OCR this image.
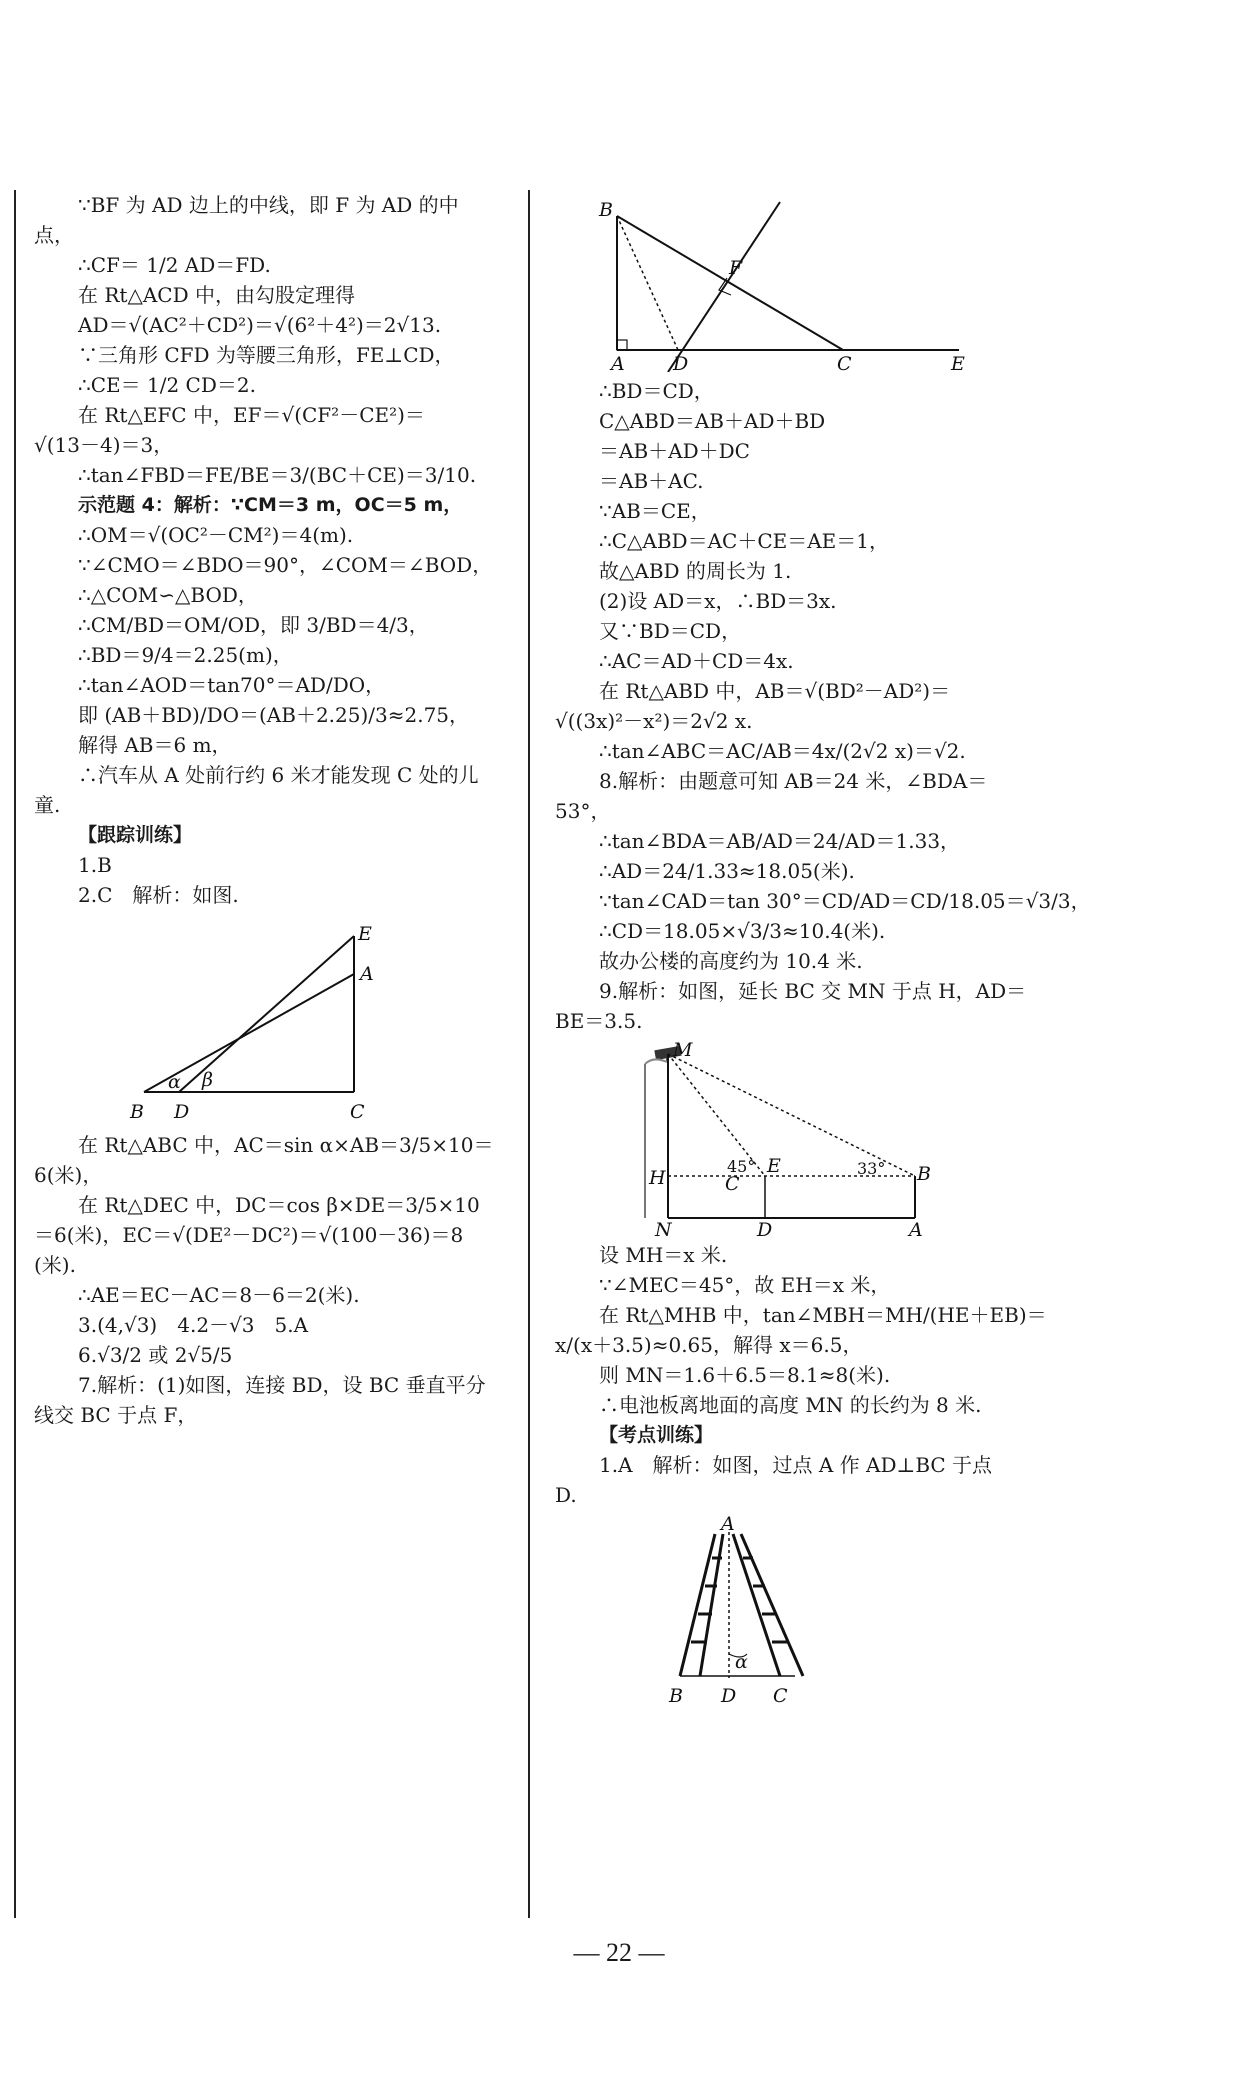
∵BF 为 AD 边上的中线，即 F 为 AD 的中

点，

∴CF＝ 1/2 AD＝FD.

在 Rt△ACD 中，由勾股定理得

AD＝√(AC²＋CD²)＝√(6²＋4²)＝2√13.

∵三角形 CFD 为等腰三角形，FE⊥CD，

∴CE＝ 1/2 CD＝2.

在 Rt△EFC 中，EF＝√(CF²－CE²)＝

√(13－4)＝3，

∴tan∠FBD＝FE/BE＝3/(BC＋CE)＝3/10.

示范题 4：解析：∵CM＝3 m，OC＝5 m，

∴OM＝√(OC²－CM²)＝4(m).

∵∠CMO＝∠BDO＝90°，∠COM＝∠BOD，

∴△COM∽△BOD，

∴CM/BD＝OM/OD，即 3/BD＝4/3，

∴BD＝9/4＝2.25(m)，

∴tan∠AOD＝tan70°＝AD/DO，

即 (AB＋BD)/DO＝(AB＋2.25)/3≈2.75，

解得 AB＝6 m，

∴汽车从 A 处前行约 6 米才能发现 C 处的儿

童.

【跟踪训练】

1.B

2.C　解析：如图.

E
A
α β
B D	C

在 Rt△ABC 中，AC＝sin α×AB＝3/5×10＝

6(米)，

在 Rt△DEC 中，DC＝cos β×DE＝3/5×10

＝6(米)，EC＝√(DE²－DC²)＝√(100－36)＝8

(米).

∴AE＝EC－AC＝8－6＝2(米).

3.(4,√3)　4.2－√3　5.A

6.√3/2 或 2√5/5

7.解析：(1)如图，连接 BD，设 BC 垂直平分

线交 BC 于点 F，

B
F
A	D	C	E

∴BD＝CD，

C△ABD＝AB＋AD＋BD

＝AB＋AD＋DC

＝AB＋AC.

∵AB＝CE，

∴C△ABD＝AC＋CE＝AE＝1，

故△ABD 的周长为 1.

(2)设 AD＝x，∴BD＝3x.

又∵BD＝CD，

∴AC＝AD＋CD＝4x.

在 Rt△ABD 中，AB＝√(BD²－AD²)＝

√((3x)²－x²)＝2√2 x.

∴tan∠ABC＝AC/AB＝4x/(2√2 x)＝√2.

8.解析：由题意可知 AB＝24 米，∠BDA＝

53°，

∴tan∠BDA＝AB/AD＝24/AD＝1.33，

∴AD＝24/1.33≈18.05(米).

∵tan∠CAD＝tan 30°＝CD/AD＝CD/18.05＝√3/3，

∴CD＝18.05×√3/3≈10.4(米).

故办公楼的高度约为 10.4 米.

9.解析：如图，延长 BC 交 MN 于点 H，AD＝

BE＝3.5.

M
H
N
C
E
D
B
A
45°	33°

设 MH＝x 米.

∵∠MEC＝45°，故 EH＝x 米，

在 Rt△MHB 中，tan∠MBH＝MH/(HE＋EB)＝

x/(x＋3.5)≈0.65，解得 x＝6.5，

则 MN＝1.6＋6.5＝8.1≈8(米).

∴电池板离地面的高度 MN 的长约为 8 米.

【考点训练】

1.A　解析：如图，过点 A 作 AD⊥BC 于点

D.

A
α
B D C
— 22 —
